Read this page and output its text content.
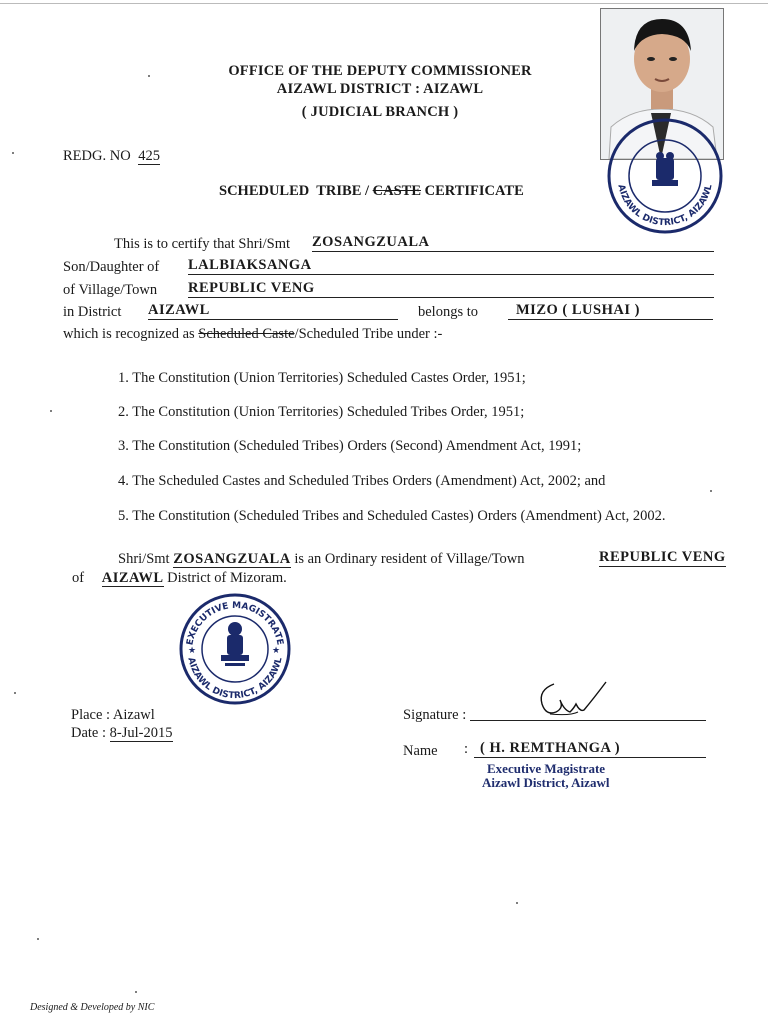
AIZAWL DISTRICT, AIZAWL
OFFICE OF THE DEPUTY COMMISSIONER
AIZAWL DISTRICT : AIZAWL
( JUDICIAL BRANCH )
REDG. NO 425
SCHEDULED  TRIBE / CASTE CERTIFICATE
This is to certify that Shri/Smt ZOSANGZUALA
Son/Daughter of LALBIAKSANGA
of Village/Town REPUBLIC VENG
in District AIZAWL	belongs to	MIZO ( LUSHAI )
which is recognized as Scheduled Caste/Scheduled Tribe under :-
1. The Constitution (Union Territories) Scheduled Castes Order, 1951;
2. The Constitution (Union Territories) Scheduled Tribes Order, 1951;
3. The Constitution (Scheduled Tribes) Orders (Second) Amendment Act, 1991;
4. The Scheduled Castes and Scheduled Tribes Orders (Amendment) Act, 2002; and
5. The Constitution (Scheduled Tribes and Scheduled Castes) Orders (Amendment) Act, 2002.
Shri/Smt ZOSANGZUALA is an Ordinary resident of Village/Town	REPUBLIC VENG
of AIZAWL District of Mizoram.
EXECUTIVE MAGISTRATE
AIZAWL DISTRICT, AIZAWL
★	★
Place : Aizawl
Date : 8-Jul-2015
Signature :
Name : ( H. REMTHANGA )
Executive Magistrate
Aizawl District, Aizawl
Designed & Developed by NIC
